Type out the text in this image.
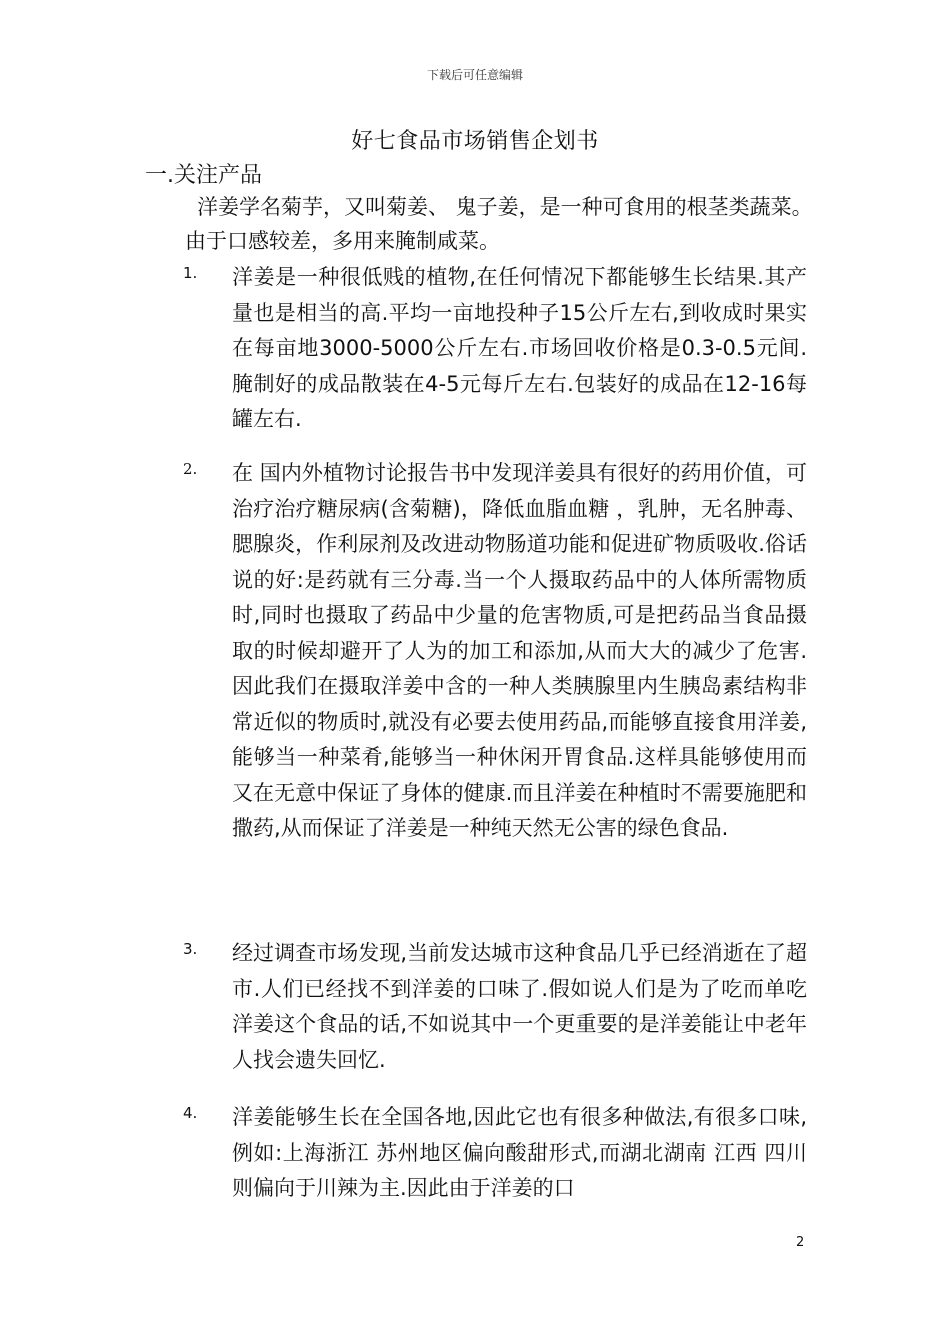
下载后可任意编辑
好七食品市场销售企划书
一.关注产品
洋姜学名菊芋，又叫菊姜、 鬼子姜，是一种可食用的根茎类蔬菜。由于口感较差，多用来腌制咸菜。
1. 洋姜是一种很低贱的植物,在任何情况下都能够生长结果.其产量也是相当的高.平均一亩地投种子15公斤左右,到收成时果实在每亩地3000-5000公斤左右.市场回收价格是0.3-0.5元间. 腌制好的成品散装在4-5元每斤左右.包装好的成品在12-16每罐左右.
2. 在 国内外植物讨论报告书中发现洋姜具有很好的药用价值，可治疗治疗糖尿病(含菊糖)，降低血脂血糖 ，乳肿，无名肿毒、 腮腺炎，作利尿剂及改进动物肠道功能和促进矿物质吸收.俗话说的好:是药就有三分毒.当一个人摄取药品中的人体所需物质时,同时也摄取了药品中少量的危害物质,可是把药品当食品摄取的时候却避开了人为的加工和添加,从而大大的减少了危害.因此我们在摄取洋姜中含的一种人类胰腺里内生胰岛素结构非常近似的物质时,就没有必要去使用药品,而能够直接食用洋姜,能够当一种菜肴,能够当一种休闲开胃食品.这样具能够使用而又在无意中保证了身体的健康.而且洋姜在种植时不需要施肥和撒药,从而保证了洋姜是一种纯天然无公害的绿色食品.
3. 经过调查市场发现,当前发达城市这种食品几乎已经消逝在了超市.人们已经找不到洋姜的口味了.假如说人们是为了吃而单吃洋姜这个食品的话,不如说其中一个更重要的是洋姜能让中老年人找会遗失回忆.
4. 洋姜能够生长在全国各地,因此它也有很多种做法,有很多口味,例如:上海浙江 苏州地区偏向酸甜形式,而湖北湖南 江西 四川则偏向于川辣为主.因此由于洋姜的口
2
